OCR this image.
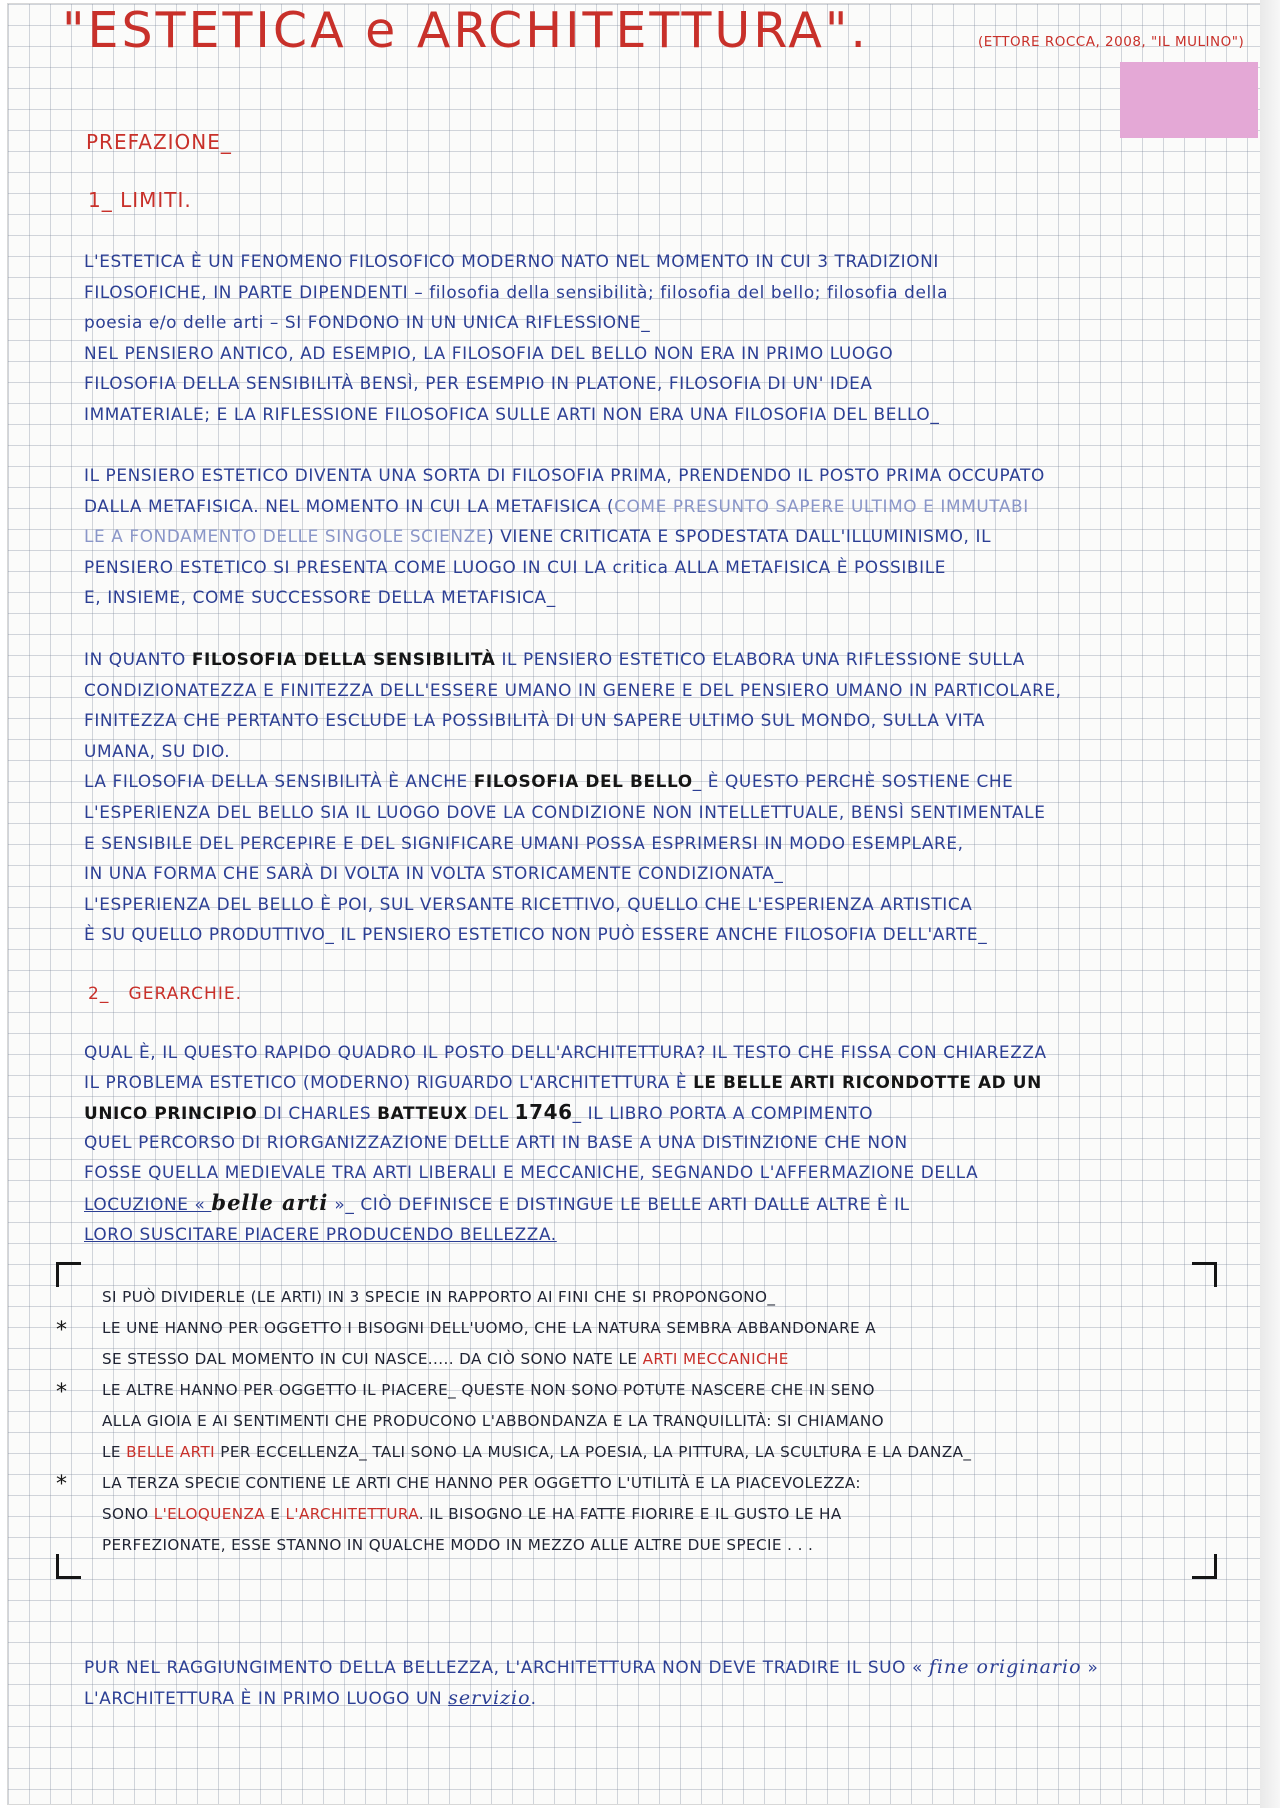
"ESTETICA e ARCHITETTURA".	(ETTORE ROCCA, 2008, "IL MULINO")
PREFAZIONE_
1_ LIMITI.

L'ESTETICA È UN FENOMENO FILOSOFICO MODERNO NATO NEL MOMENTO IN CUI 3 TRADIZIONI

FILOSOFICHE, IN PARTE DIPENDENTI – filosofia della sensibilità; filosofia del bello; filosofia della

poesia e/o delle arti – SI FONDONO IN UN UNICA RIFLESSIONE_

NEL PENSIERO ANTICO, AD ESEMPIO, LA FILOSOFIA DEL BELLO NON ERA IN PRIMO LUOGO

FILOSOFIA DELLA SENSIBILITÀ BENSÌ, PER ESEMPIO IN PLATONE, FILOSOFIA DI UN' IDEA

IMMATERIALE; E LA RIFLESSIONE FILOSOFICA SULLE ARTI NON ERA UNA FILOSOFIA DEL BELLO_

IL PENSIERO ESTETICO DIVENTA UNA SORTA DI FILOSOFIA PRIMA, PRENDENDO IL POSTO PRIMA OCCUPATO

DALLA METAFISICA. NEL MOMENTO IN CUI LA METAFISICA (COME PRESUNTO SAPERE ULTIMO E IMMUTABI

LE A FONDAMENTO DELLE SINGOLE SCIENZE) VIENE CRITICATA E SPODESTATA DALL'ILLUMINISMO, IL

PENSIERO ESTETICO SI PRESENTA COME LUOGO IN CUI LA critica ALLA METAFISICA È POSSIBILE

E, INSIEME, COME SUCCESSORE DELLA METAFISICA_

IN QUANTO FILOSOFIA DELLA SENSIBILITÀ IL PENSIERO ESTETICO ELABORA UNA RIFLESSIONE SULLA

CONDIZIONATEZZA E FINITEZZA DELL'ESSERE UMANO IN GENERE E DEL PENSIERO UMANO IN PARTICOLARE,

FINITEZZA CHE PERTANTO ESCLUDE LA POSSIBILITÀ DI UN SAPERE ULTIMO SUL MONDO, SULLA VITA

UMANA, SU DIO.

LA FILOSOFIA DELLA SENSIBILITÀ È ANCHE FILOSOFIA DEL BELLO_ È QUESTO PERCHÈ SOSTIENE CHE

L'ESPERIENZA DEL BELLO SIA IL LUOGO DOVE LA CONDIZIONE NON INTELLETTUALE, BENSÌ SENTIMENTALE

E SENSIBILE DEL PERCEPIRE E DEL SIGNIFICARE UMANI POSSA ESPRIMERSI IN MODO ESEMPLARE,

IN UNA FORMA CHE SARÀ DI VOLTA IN VOLTA STORICAMENTE CONDIZIONATA_

L'ESPERIENZA DEL BELLO È POI, SUL VERSANTE RICETTIVO, QUELLO CHE L'ESPERIENZA ARTISTICA

È SU QUELLO PRODUTTIVO_ IL PENSIERO ESTETICO NON PUÒ ESSERE ANCHE FILOSOFIA DELL'ARTE_

2_ GERARCHIE.

QUAL È, IL QUESTO RAPIDO QUADRO IL POSTO DELL'ARCHITETTURA? IL TESTO CHE FISSA CON CHIAREZZA

IL PROBLEMA ESTETICO (MODERNO) RIGUARDO L'ARCHITETTURA È LE BELLE ARTI RICONDOTTE AD UN

UNICO PRINCIPIO DI CHARLES BATTEUX DEL 1746_ IL LIBRO PORTA A COMPIMENTO

QUEL PERCORSO DI RIORGANIZZAZIONE DELLE ARTI IN BASE A UNA DISTINZIONE CHE NON

FOSSE QUELLA MEDIEVALE TRA ARTI LIBERALI E MECCANICHE, SEGNANDO L'AFFERMAZIONE DELLA

LOCUZIONE « belle arti »_ CIÒ DEFINISCE E DISTINGUE LE BELLE ARTI DALLE ALTRE È IL

LORO SUSCITARE PIACERE PRODUCENDO BELLEZZA.

*
*
*

SI PUÒ DIVIDERLE (LE ARTI) IN 3 SPECIE IN RAPPORTO AI FINI CHE SI PROPONGONO_

LE UNE HANNO PER OGGETTO I BISOGNI DELL'UOMO, CHE LA NATURA SEMBRA ABBANDONARE A

SE STESSO DAL MOMENTO IN CUI NASCE..... DA CIÒ SONO NATE LE ARTI MECCANICHE

LE ALTRE HANNO PER OGGETTO IL PIACERE_ QUESTE NON SONO POTUTE NASCERE CHE IN SENO

ALLA GIOIA E AI SENTIMENTI CHE PRODUCONO L'ABBONDANZA E LA TRANQUILLITÀ: SI CHIAMANO

LE BELLE ARTI PER ECCELLENZA_ TALI SONO LA MUSICA, LA POESIA, LA PITTURA, LA SCULTURA E LA DANZA_

LA TERZA SPECIE CONTIENE LE ARTI CHE HANNO PER OGGETTO L'UTILITÀ E LA PIACEVOLEZZA:

SONO L'ELOQUENZA E L'ARCHITETTURA. IL BISOGNO LE HA FATTE FIORIRE E IL GUSTO LE HA

PERFEZIONATE, ESSE STANNO IN QUALCHE MODO IN MEZZO ALLE ALTRE DUE SPECIE . . .

PUR NEL RAGGIUNGIMENTO DELLA BELLEZZA, L'ARCHITETTURA NON DEVE TRADIRE IL SUO « fine originario »

L'ARCHITETTURA È IN PRIMO LUOGO UN servizio.
